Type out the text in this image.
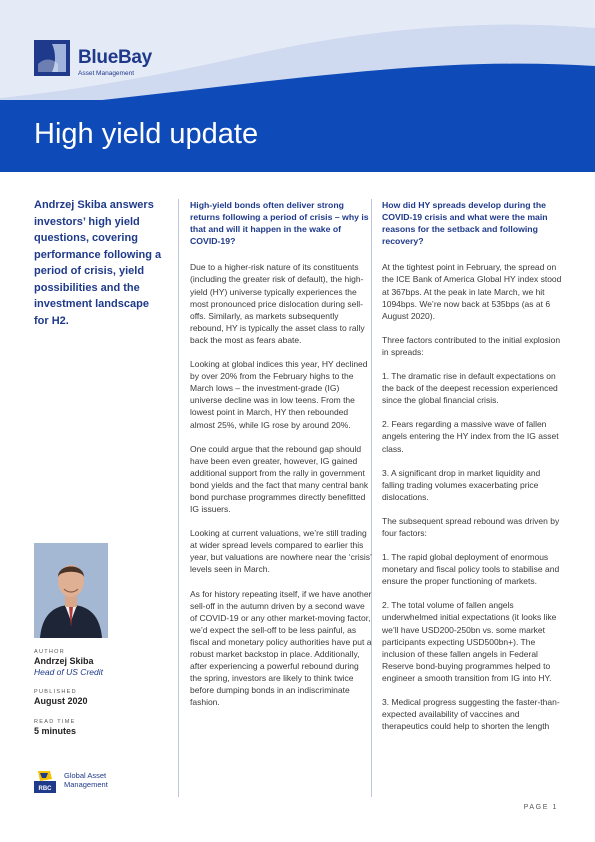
BlueBay
Asset Management
High yield update

Andrzej Skiba answers investors’ high yield questions, covering performance following a period of crisis, yield possibilities and the investment landscape for H2.

AUTHOR
Andrzej Skiba
Head of US Credit
PUBLISHED
August 2020
READ TIME
5 minutes
RBC
Global Asset
Management

High-yield bonds often deliver strong returns following a period of crisis – why is that and will it happen in the wake of COVID-19?

Due to a higher-risk nature of its constituents (including the greater risk of default), the high-yield (HY) universe typically experiences the most pronounced price dislocation during sell-offs. Similarly, as markets subsequently rebound, HY is typically the asset class to rally back the most as fears abate.

Looking at global indices this year, HY declined by over 20% from the February highs to the March lows – the investment-grade (IG) universe decline was in low teens. From the lowest point in March, HY then rebounded almost 25%, while IG rose by around 20%.

One could argue that the rebound gap should have been even greater, however, IG gained additional support from the rally in government bond yields and the fact that many central bank bond purchase programmes directly benefitted IG issuers.

Looking at current valuations, we’re still trading at wider spread levels compared to earlier this year, but valuations are nowhere near the ‘crisis’ levels seen in March.

As for history repeating itself, if we have another sell-off in the autumn driven by a second wave of COVID-19 or any other market-moving factor, we’d expect the sell-off to be less painful, as fiscal and monetary policy authorities have put a robust market backstop in place. Additionally, after experiencing a powerful rebound during the spring, investors are likely to think twice before dumping bonds in an indiscriminate fashion.

How did HY spreads develop during the COVID-19 crisis and what were the main reasons for the setback and following recovery?

At the tightest point in February, the spread on the ICE Bank of America Global HY index stood at 367bps. At the peak in late March, we hit 1094bps. We’re now back at 535bps (as at 6 August 2020).

Three factors contributed to the initial explosion in spreads:

1. The dramatic rise in default expectations on the back of the deepest recession experienced since the global financial crisis.

2. Fears regarding a massive wave of fallen angels entering the HY index from the IG asset class.

3. A significant drop in market liquidity and falling trading volumes exacerbating price dislocations.

The subsequent spread rebound was driven by four factors:

1. The rapid global deployment of enormous monetary and fiscal policy tools to stabilise and ensure the proper functioning of markets.

2. The total volume of fallen angels underwhelmed initial expectations (it looks like we’ll have USD200-250bn vs. some market participants expecting USD500bn+). The inclusion of these fallen angels in Federal Reserve bond-buying programmes helped to engineer a smooth transition from IG into HY.

3. Medical progress suggesting the faster-than-expected availability of vaccines and therapeutics could help to shorten the length

PAGE 1
